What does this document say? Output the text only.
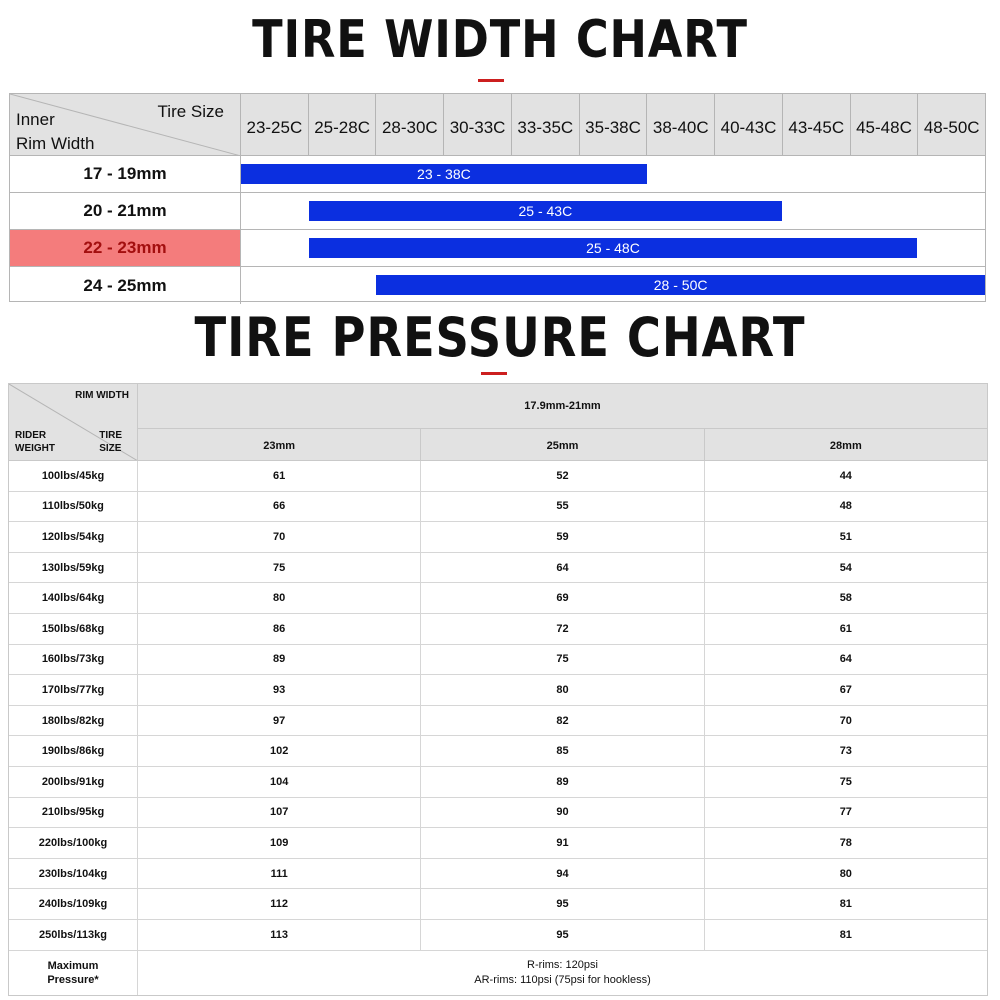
TIRE WIDTH CHART
Tire Size
Inner
Rim Width
23-25C 25-28C 28-30C 30-33C 33-35C 35-38C 38-40C 40-43C 43-45C 45-48C 48-50C
17 - 19mm	23 - 38C
20 - 21mm	25 - 43C
22 - 23mm	25 - 48C
24 - 25mm	28 - 50C
TIRE PRESSURE CHART
RIM WIDTH
RIDER
WEIGHT
TIRE
SIZE
17.9mm-21mm
23mm	25mm	28mm
100lbs/45kg	61	52	44
110lbs/50kg	66	55	48
120lbs/54kg	70	59	51
130lbs/59kg	75	64	54
140lbs/64kg	80	69	58
150lbs/68kg	86	72	61
160lbs/73kg	89	75	64
170lbs/77kg	93	80	67
180lbs/82kg	97	82	70
190lbs/86kg	102	85	73
200lbs/91kg	104	89	75
210lbs/95kg	107	90	77
220lbs/100kg	109	91	78
230lbs/104kg	111	94	80
240lbs/109kg	112	95	81
250lbs/113kg	113	95	81
Maximum
Pressure*
R-rims: 120psi
AR-rims: 110psi (75psi for hookless)
